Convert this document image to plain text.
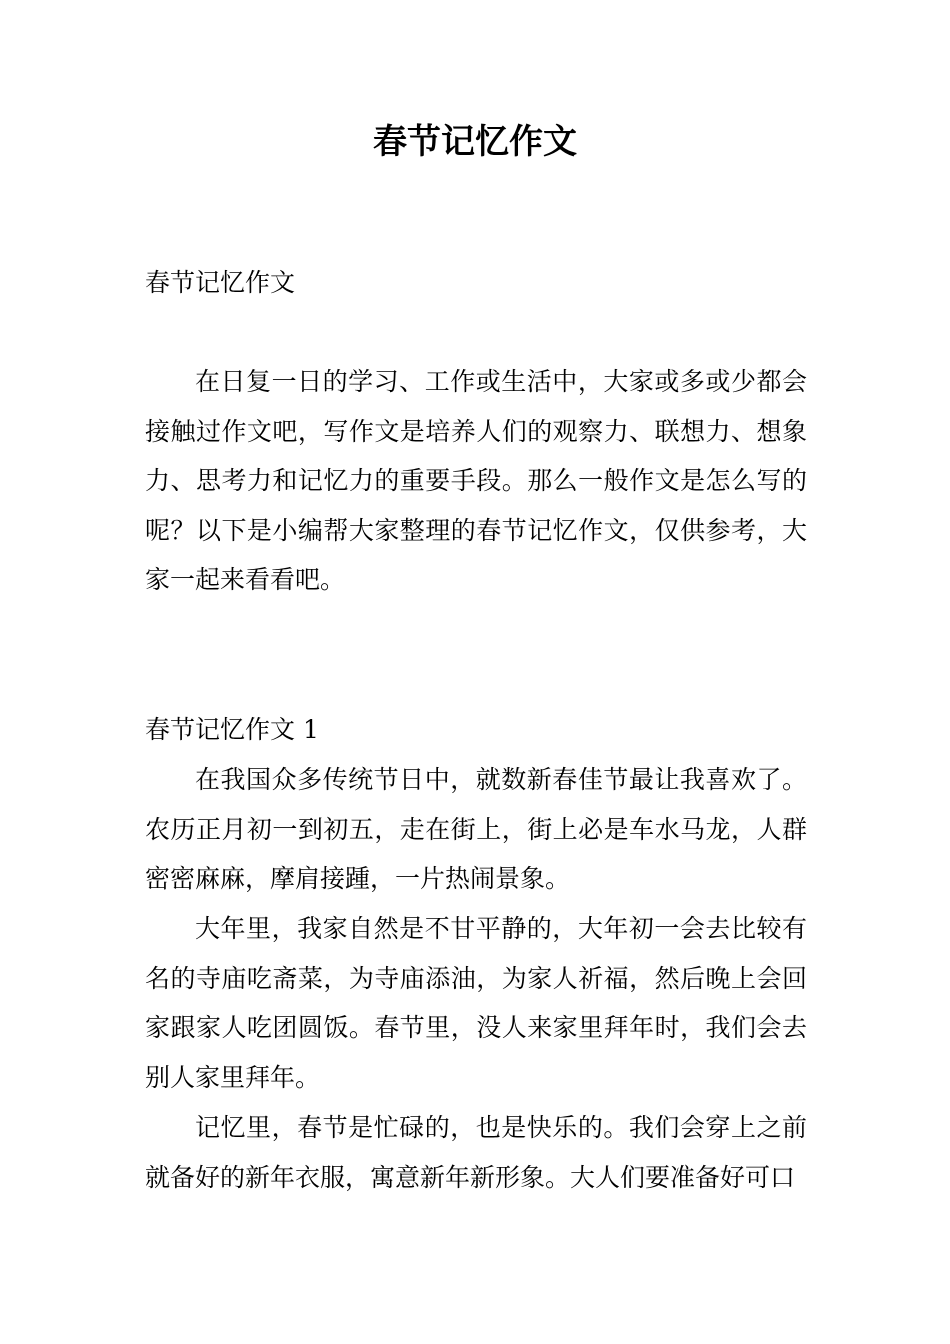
春节记忆作文

春节记忆作文

在日复一日的学习、工作或生活中，大家或多或少都会接触过作文吧，写作文是培养人们的观察力、联想力、想象力、思考力和记忆力的重要手段。那么一般作文是怎么写的呢？以下是小编帮大家整理的春节记忆作文，仅供参考，大家一起来看看吧。

春节记忆作文 1

在我国众多传统节日中，就数新春佳节最让我喜欢了。农历正月初一到初五，走在街上，街上必是车水马龙，人群密密麻麻，摩肩接踵，一片热闹景象。

大年里，我家自然是不甘平静的，大年初一会去比较有名的寺庙吃斋菜，为寺庙添油，为家人祈福，然后晚上会回家跟家人吃团圆饭。春节里，没人来家里拜年时，我们会去别人家里拜年。

记忆里，春节是忙碌的，也是快乐的。我们会穿上之前就备好的新年衣服，寓意新年新形象。大人们要准备好可口
